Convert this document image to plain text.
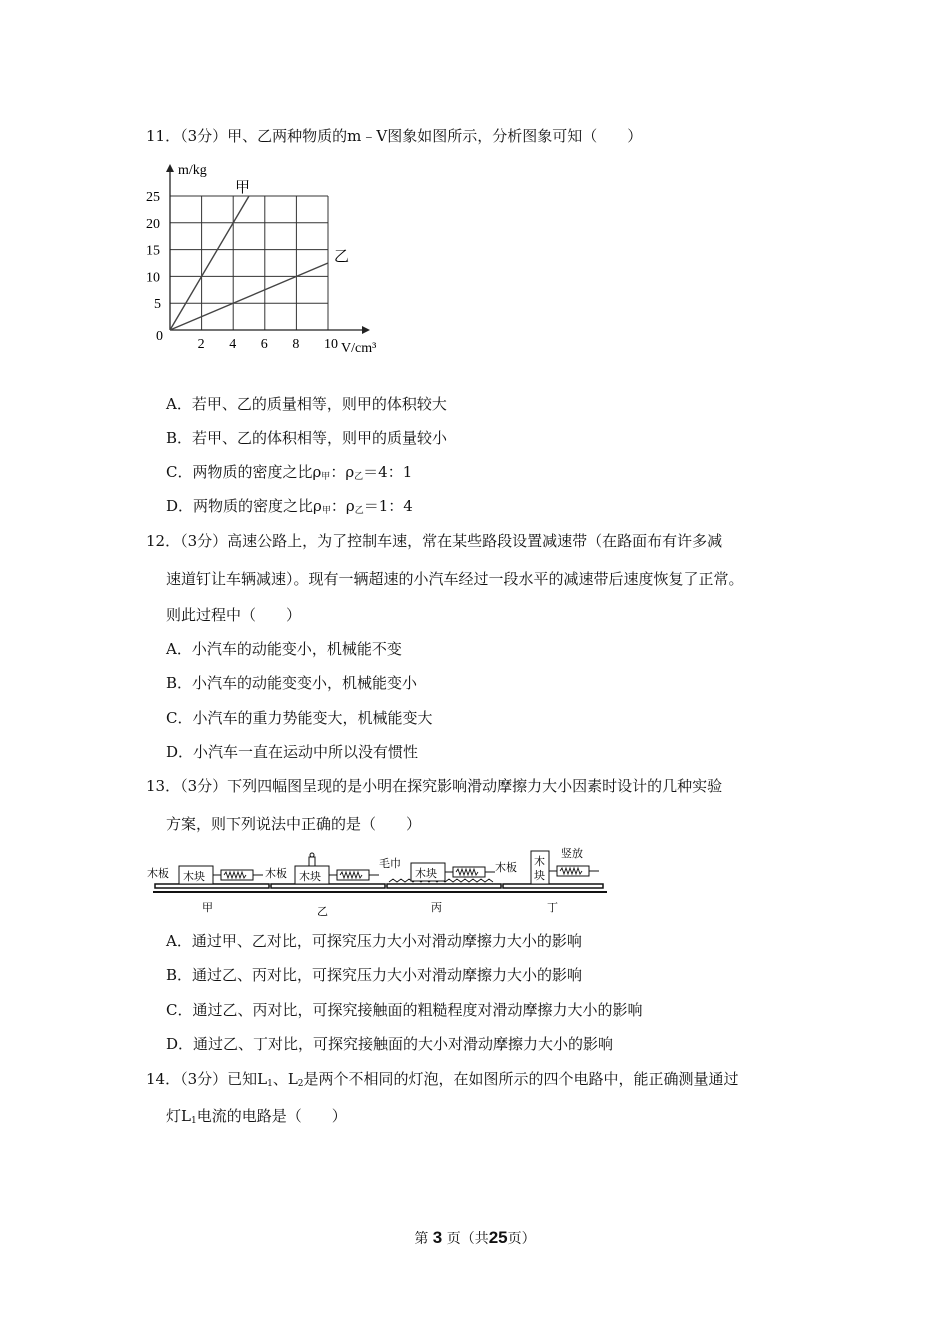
11．（3分）甲、乙两种物质的m﹣V图象如图所示，分析图象可知（　　）
2 4 6 8 10
5
10
15
20
25
m/kg
V/cm³
0
甲
乙
A．若甲、乙的质量相等，则甲的体积较大
B．若甲、乙的体积相等，则甲的质量较小
C．两物质的密度之比$\rho_甲$：$\rho_乙=4$：1
D．两物质的密度之比$\rho_甲$：$\rho_乙=1$：4
12．（3分）高速公路上，为了控制车速，常在某些路段设置减速带（在路面布有许多减
速道钉让车辆减速）。现有一辆超速的小汽车经过一段水平的减速带后速度恢复了正常。
则此过程中（　　）
A．小汽车的动能变小，机械能不变
B．小汽车的动能变变小，机械能变小
C．小汽车的重力势能变大，机械能变大
D．小汽车一直在运动中所以没有惯性
13．（3分）下列四幅图呈现的是小明在探究影响滑动摩擦力大小因素时设计的几种实验
方案，则下列说法中正确的是（　　）
木板 木块
甲
木板 木块
乙
毛巾
木块
丙
木板 木
块
竖放
丁
A．通过甲、乙对比，可探究压力大小对滑动摩擦力大小的影响
B．通过乙、丙对比，可探究压力大小对滑动摩擦力大小的影响
C．通过乙、丙对比，可探究接触面的粗糙程度对滑动摩擦力大小的影响
D．通过乙、丁对比，可探究接触面的大小对滑动摩擦力大小的影响
14．（3分）已知$L_1$、$L_2$是两个不相同的灯泡，在如图所示的四个电路中，能正确测量通过
灯$L_1$电流的电路是（　　）
第 3 页（共25页）
